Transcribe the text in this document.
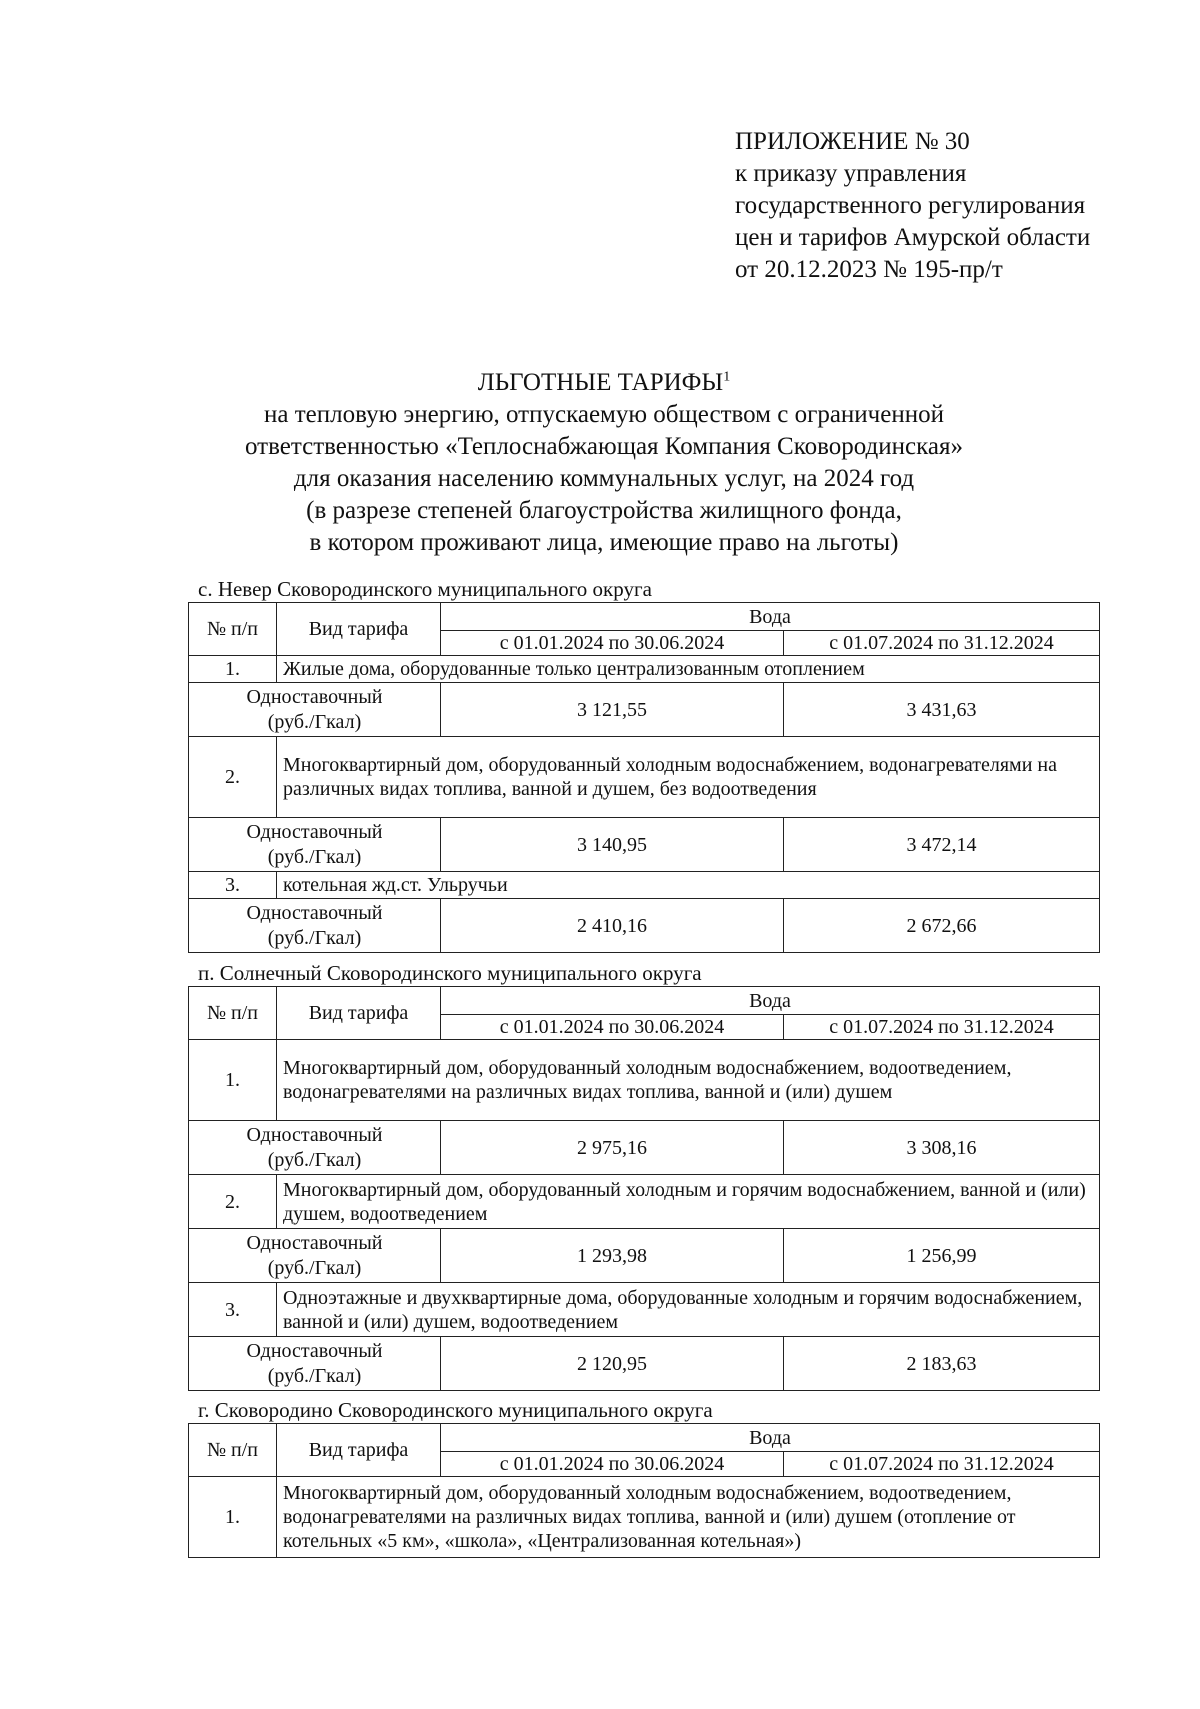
ПРИЛОЖЕНИЕ № 30
к приказу управления
государственного регулирования
цен и тарифов Амурской области
от 20.12.2023 № 195-пр/т
ЛЬГОТНЫЕ ТАРИФЫ$^1$
на тепловую энергию, отпускаемую обществом с ограниченной
ответственностью «Теплоснабжающая Компания Сковородинская»
для оказания населению коммунальных услуг, на 2024 год
(в разрезе степеней благоустройства жилищного фонда,
в котором проживают лица, имеющие право на льготы)
с. Невер Сковородинского муниципального округа
№ п/п	Вид тарифа	Вода	
		с 01.01.2024 по 30.06.2024	с 01.07.2024 по 31.12.2024
1.	Жилые дома, оборудованные только централизованным отоплением		

Одноставочный
(руб./Гкал)		3 121,55	3 431,63
2.	Многоквартирный дом, оборудованный холодным водоснабжением, водонагревателями на различных видах топлива, ванной и душем, без водоотведения		

Одноставочный
(руб./Гкал)		3 140,95	3 472,14
3.	котельная жд.ст. Ульручьи		

Одноставочный
(руб./Гкал)		2 410,16	2 672,66
п. Солнечный Сковородинского муниципального округа
№ п/п	Вид тарифа	Вода	
		с 01.01.2024 по 30.06.2024	с 01.07.2024 по 31.12.2024
1.	Многоквартирный дом, оборудованный холодным водоснабжением, водоотведением, водонагревателями на различных видах топлива, ванной и (или) душем		

Одноставочный
(руб./Гкал)		2 975,16	3 308,16
2.	Многоквартирный дом, оборудованный холодным и горячим водоснабжением, ванной и (или) душем, водоотведением		

Одноставочный
(руб./Гкал)		1 293,98	1 256,99
3.	Одноэтажные и двухквартирные дома, оборудованные холодным и горячим водоснабжением, ванной и (или) душем, водоотведением		

Одноставочный
(руб./Гкал)		2 120,95	2 183,63
г. Сковородино Сковородинского муниципального округа
№ п/п	Вид тарифа	Вода	
		с 01.01.2024 по 30.06.2024	с 01.07.2024 по 31.12.2024
1.	Многоквартирный дом, оборудованный холодным водоснабжением, водоотведением, водонагревателями на различных видах топлива, ванной и (или) душем (отопление от котельных «5 км», «школа», «Централизованная котельная»)		
